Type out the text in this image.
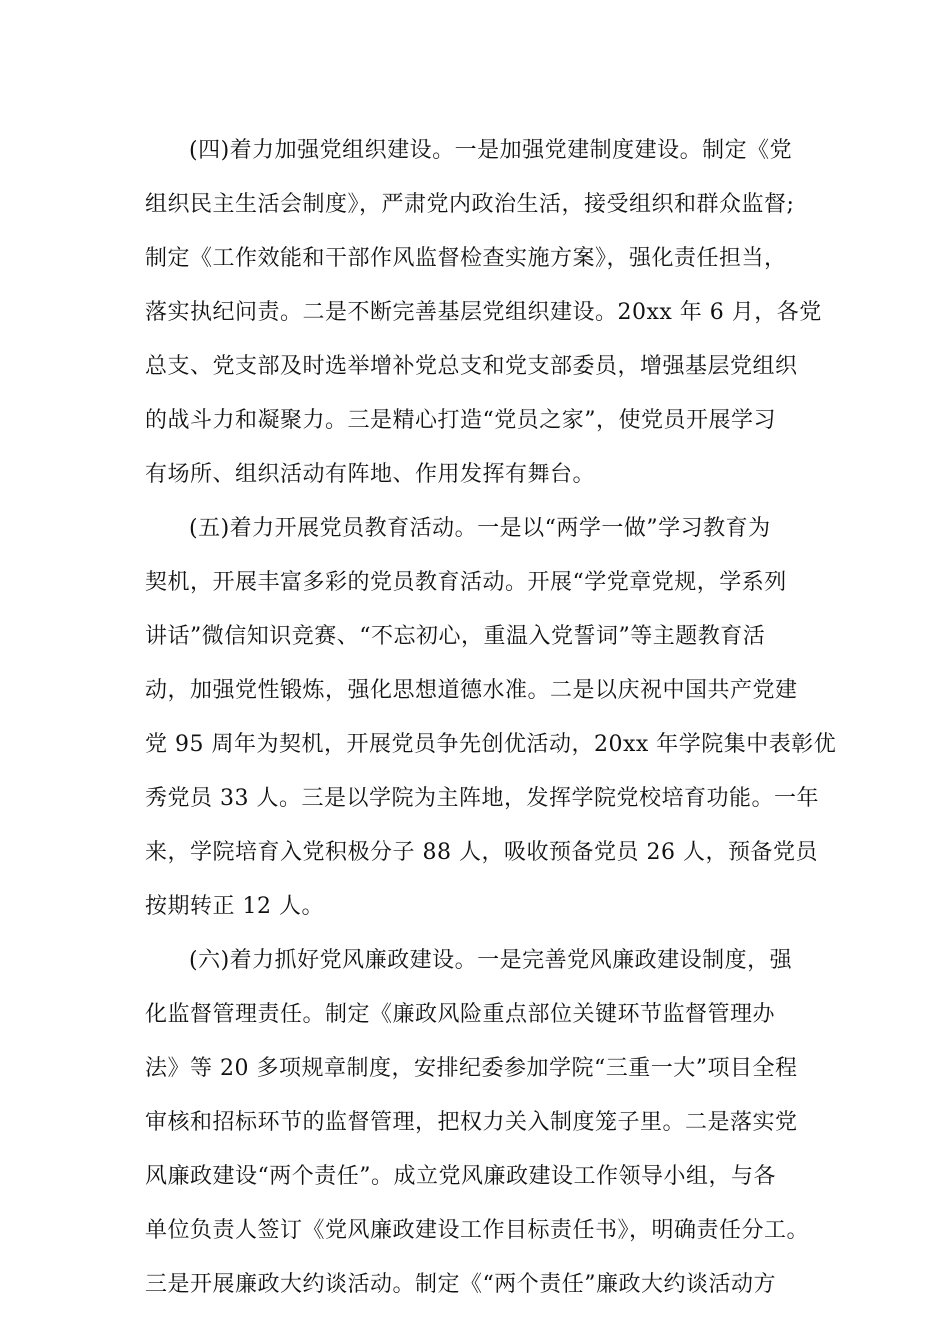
(四)着力加强党组织建设。一是加强党建制度建设。制定《党
组织民主生活会制度》，严肃党内政治生活，接受组织和群众监督;
制定《工作效能和干部作风监督检查实施方案》，强化责任担当，
落实执纪问责。二是不断完善基层党组织建设。20xx 年 6 月，各党
总支、党支部及时选举增补党总支和党支部委员，增强基层党组织
的战斗力和凝聚力。三是精心打造“党员之家”，使党员开展学习
有场所、组织活动有阵地、作用发挥有舞台。

(五)着力开展党员教育活动。一是以“两学一做”学习教育为
契机，开展丰富多彩的党员教育活动。开展“学党章党规，学系列
讲话”微信知识竞赛、“不忘初心，重温入党誓词”等主题教育活
动，加强党性锻炼，强化思想道德水准。二是以庆祝中国共产党建
党 95 周年为契机，开展党员争先创优活动，20xx 年学院集中表彰优
秀党员 33 人。三是以学院为主阵地，发挥学院党校培育功能。一年
来，学院培育入党积极分子 88 人，吸收预备党员 26 人，预备党员
按期转正 12 人。

(六)着力抓好党风廉政建设。一是完善党风廉政建设制度，强
化监督管理责任。制定《廉政风险重点部位关键环节监督管理办
法》等 20 多项规章制度，安排纪委参加学院“三重一大”项目全程
审核和招标环节的监督管理，把权力关入制度笼子里。二是落实党
风廉政建设“两个责任”。成立党风廉政建设工作领导小组，与各
单位负责人签订《党风廉政建设工作目标责任书》，明确责任分工。
三是开展廉政大约谈活动。制定《“两个责任”廉政大约谈活动方
